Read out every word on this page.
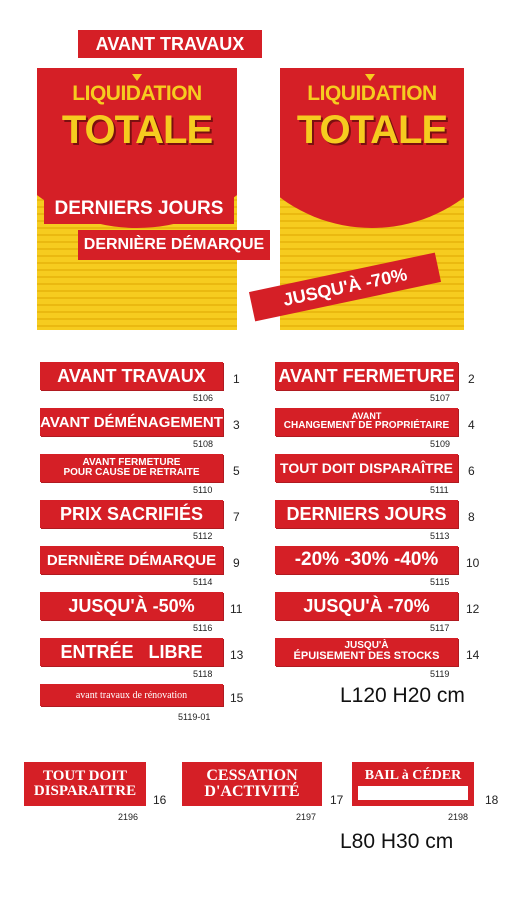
LIQUIDATION
TOTALE
AVANT TRAVAUX
DERNIERS JOURS
DERNIÈRE DÉMARQUE
LIQUIDATION
TOTALE
JUSQU'À -70%
AVANT TRAVAUX	1
5106
AVANT FERMETURE 2
5107
AVANT DÉMÉNAGEMENT 3
5108
AVANT
CHANGEMENT DE PROPRIÉTAIRE 4
5109
AVANT FERMETURE
POUR CAUSE DE RETRAITE	5
5110
TOUT DOIT DISPARAÎTRE	6
5111
PRIX SACRIFIÉS	7
5112
DERNIERS JOURS	8
5113
DERNIÈRE DÉMARQUE	9
5114
-20% -30% -40%	10
5115
JUSQU'À -50%	11
5116
JUSQU'À -70%	12
5117
ENTRÉE   LIBRE	13
5118
JUSQU'À
ÉPUISEMENT DES STOCKS 14
5119
avant travaux de rénovation	15
5119-01
L120 H20 cm
TOUT DOIT
DISPARAITRE
16
2196
CESSATION
D'ACTIVITÉ	17
2197
BAIL à CÉDER
18
2198
L80 H30 cm
